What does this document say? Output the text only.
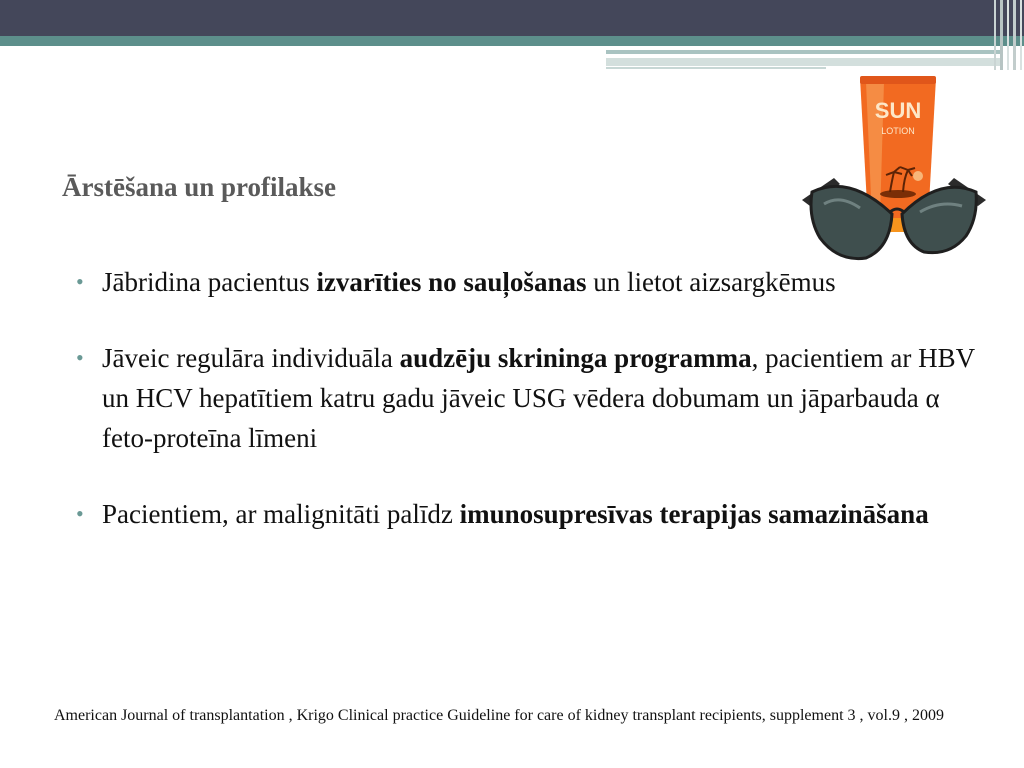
Ārstēšana un profilakse
SUN
LOTION
• Jābridina pacientus izvarīties no sauļošanas un lietot aizsargkēmus
• Jāveic regulāra individuāla audzēju skrininga programma, pacientiem ar HBV un HCV hepatītiem katru gadu jāveic USG vēdera dobumam un jāparbauda α feto-proteīna līmeni
• Pacientiem, ar malignitāti palīdz imunosupresīvas terapijas samazināšana

American Journal of transplantation , Krigo Clinical practice Guideline for care of kidney transplant recipients, supplement 3 , vol.9 , 2009
